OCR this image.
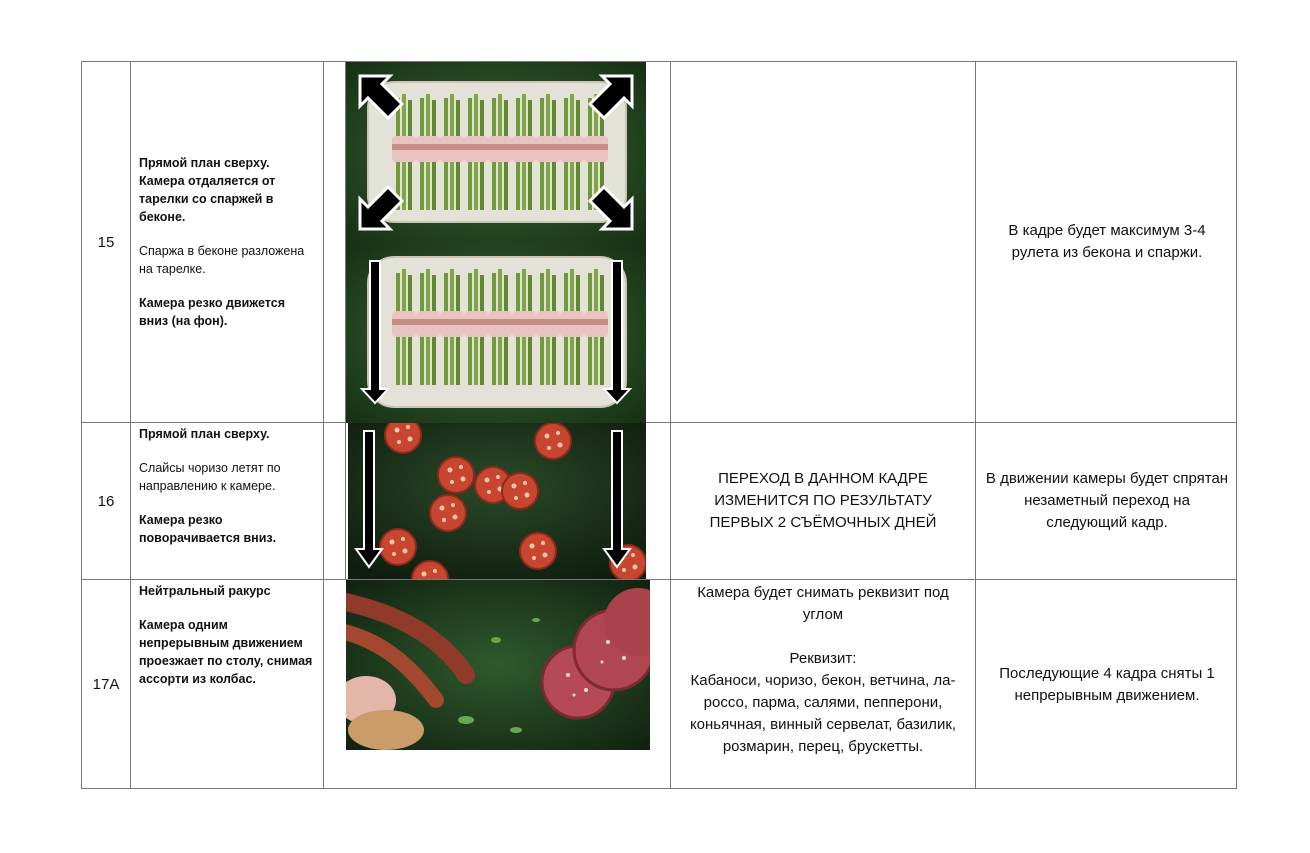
15
Прямой план сверху. Камера отдаляется от тарелки со спаржей в беконе.
Спаржа в беконе разложена на тарелке.
Камера резко движется вниз (на фон).
В кадре будет максимум 3-4 рулета из бекона и спаржи.
16
Прямой план сверху.
Слайсы чоризо летят по направлению к камере.
Камера резко поворачивается вниз.
ПЕРЕХОД В ДАННОМ КАДРЕ ИЗМЕНИТСЯ ПО РЕЗУЛЬТАТУ ПЕРВЫХ 2 СЪЁМОЧНЫХ ДНЕЙ
В движении камеры будет спрятан незаметный переход на следующий кадр.
17А
Нейтральный ракурс
Камера одним непрерывным движением проезжает по столу, снимая ассорти из колбас.
Камера будет снимать реквизит под углом
Реквизит:
Кабаноси, чоризо, бекон, ветчина, ла-россо, парма, салями, пепперони, коньячная, винный сервелат, базилик, розмарин, перец, брускетты.
Последующие 4 кадра сняты 1 непрерывным движением.
